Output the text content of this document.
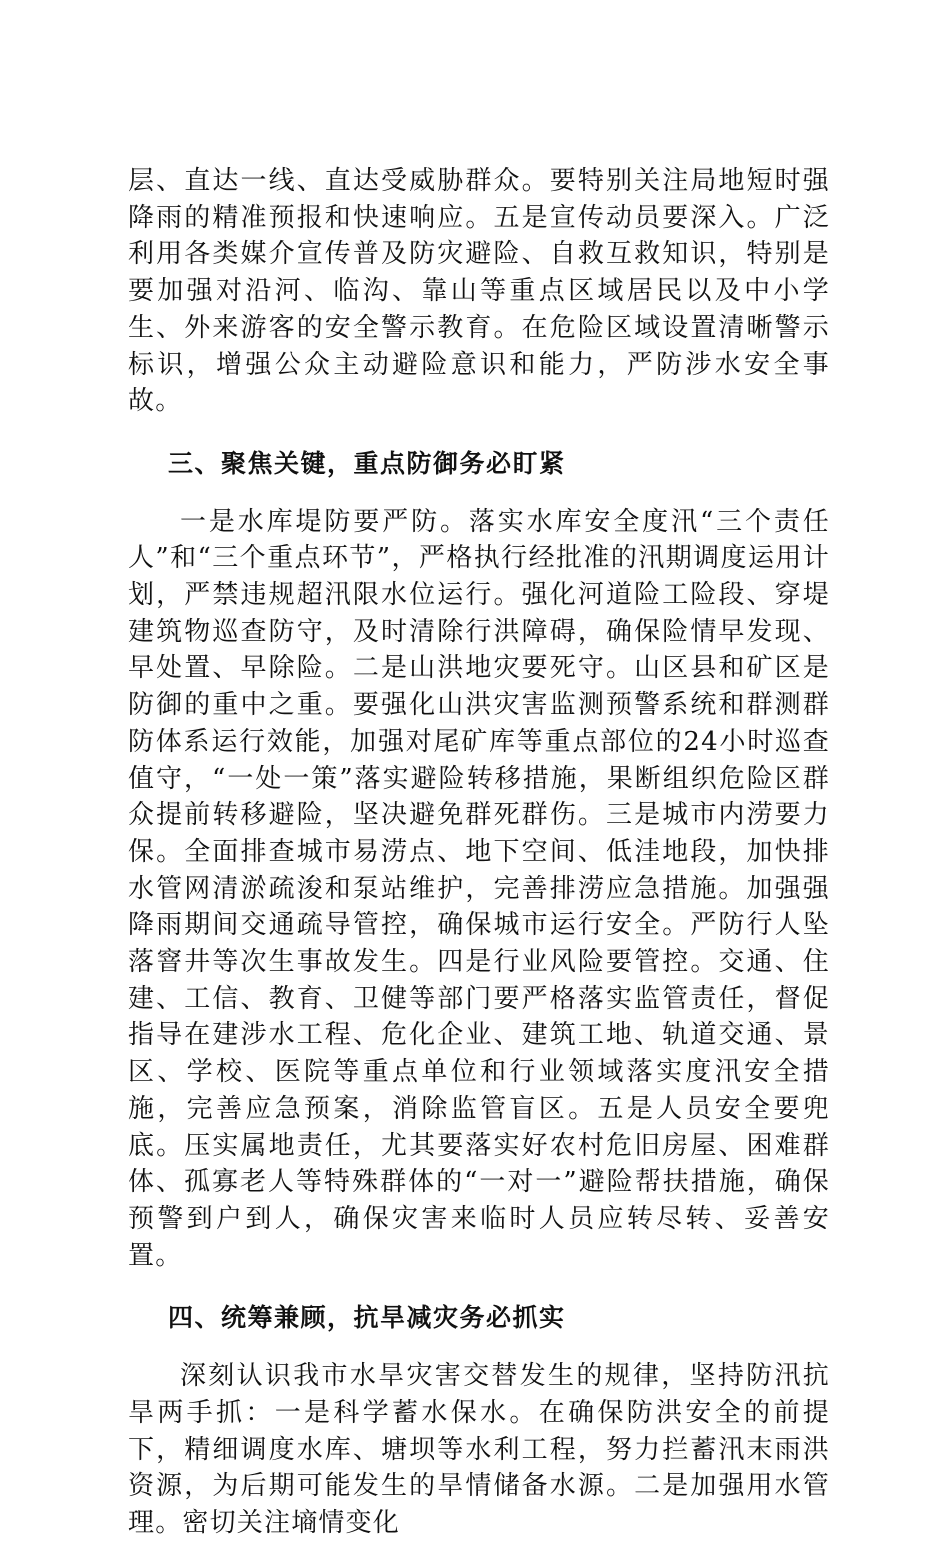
层、直达一线、直达受威胁群众。要特别关注局地短时强降雨的精准预报和快速响应。五是宣传动员要深入。广泛利用各类媒介宣传普及防灾避险、自救互救知识，特别是要加强对沿河、临沟、靠山等重点区域居民以及中小学生、外来游客的安全警示教育。在危险区域设置清晰警示标识，增强公众主动避险意识和能力，严防涉水安全事故。

三、聚焦关键，重点防御务必盯紧

一是水库堤防要严防。落实水库安全度汛“三个责任人”和“三个重点环节”，严格执行经批准的汛期调度运用计划，严禁违规超汛限水位运行。强化河道险工险段、穿堤建筑物巡查防守，及时清除行洪障碍，确保险情早发现、早处置、早除险。二是山洪地灾要死守。山区县和矿区是防御的重中之重。要强化山洪灾害监测预警系统和群测群防体系运行效能，加强对尾矿库等重点部位的24小时巡查值守，“一处一策”落实避险转移措施，果断组织危险区群众提前转移避险，坚决避免群死群伤。三是城市内涝要力保。全面排查城市易涝点、地下空间、低洼地段，加快排水管网清淤疏浚和泵站维护，完善排涝应急措施。加强强降雨期间交通疏导管控，确保城市运行安全。严防行人坠落窨井等次生事故发生。四是行业风险要管控。交通、住建、工信、教育、卫健等部门要严格落实监管责任，督促指导在建涉水工程、危化企业、建筑工地、轨道交通、景区、学校、医院等重点单位和行业领域落实度汛安全措施，完善应急预案，消除监管盲区。五是人员安全要兜底。压实属地责任，尤其要落实好农村危旧房屋、困难群体、孤寡老人等特殊群体的“一对一”避险帮扶措施，确保预警到户到人，确保灾害来临时人员应转尽转、妥善安置。

四、统筹兼顾，抗旱减灾务必抓实

深刻认识我市水旱灾害交替发生的规律，坚持防汛抗旱两手抓：一是科学蓄水保水。在确保防洪安全的前提下，精细调度水库、塘坝等水利工程，努力拦蓄汛末雨洪资源，为后期可能发生的旱情储备水源。二是加强用水管理。密切关注墒情变化
